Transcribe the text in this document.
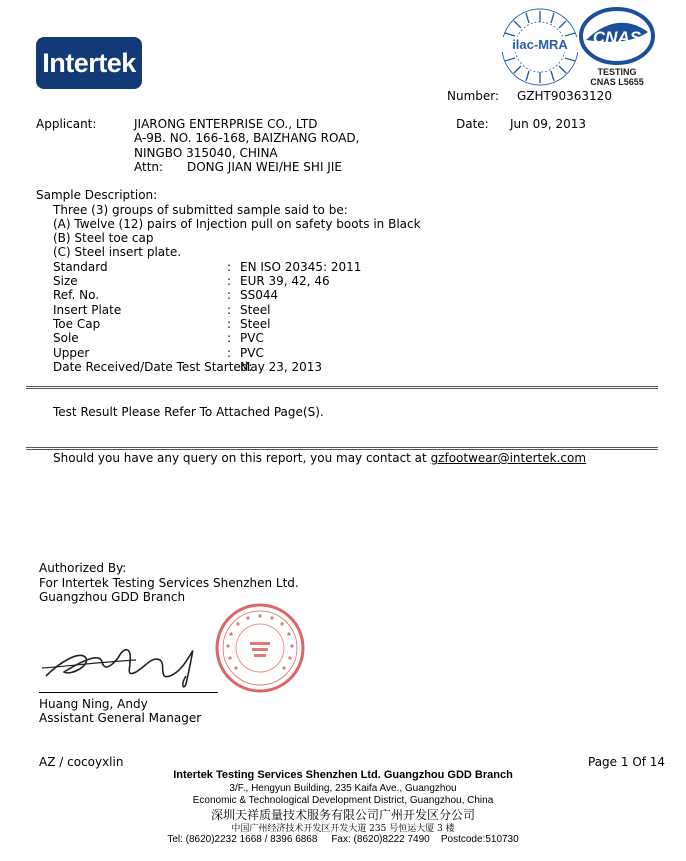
Intertek
ilac-MRA	CNAS
TESTING
CNAS L5655
Number: GZHT90363120
Date: Jun 09, 2013
Applicant:	JIARONG ENTERPRISE CO., LTD
A-9B. NO. 166-168, BAIZHANG ROAD,
NINGBO 315040, CHINA
Attn: DONG JIAN WEI/HE SHI JIE
Sample Description:
Three (3) groups of submitted sample said to be:
(A) Twelve (12) pairs of Injection pull on safety boots in Black
(B) Steel toe cap
(C) Steel insert plate.
Standard	: EN ISO 20345: 2011
Size	: EUR 39, 42, 46
Ref. No.	: SS044
Insert Plate	: Steel
Toe Cap	: Steel
Sole	: PVC
Upper	: PVC
Date Received/Date Test Started:
May 23, 2013
Test Result Please Refer To Attached Page(S).
Should you have any query on this report, you may contact at gzfootwear@intertek.com
Authorized By:
For Intertek Testing Services Shenzhen Ltd.
Guangzhou GDD Branch
Huang Ning, Andy
Assistant General Manager
AZ / cocoyxlin	Page 1 Of 14
Intertek Testing Services Shenzhen Ltd. Guangzhou GDD Branch
3/F., Hengyun Building, 235 Kaifa Ave., Guangzhou
Economic & Technological Development District, Guangzhou, China
深圳天祥质量技术服务有限公司广州开发区分公司
中国广州经济技术开发区开发大道 235 号恒运大厦 3 楼
Tel: (8620)2232 1668 / 8396 6868     Fax: (8620)8222 7490    Postcode:510730
